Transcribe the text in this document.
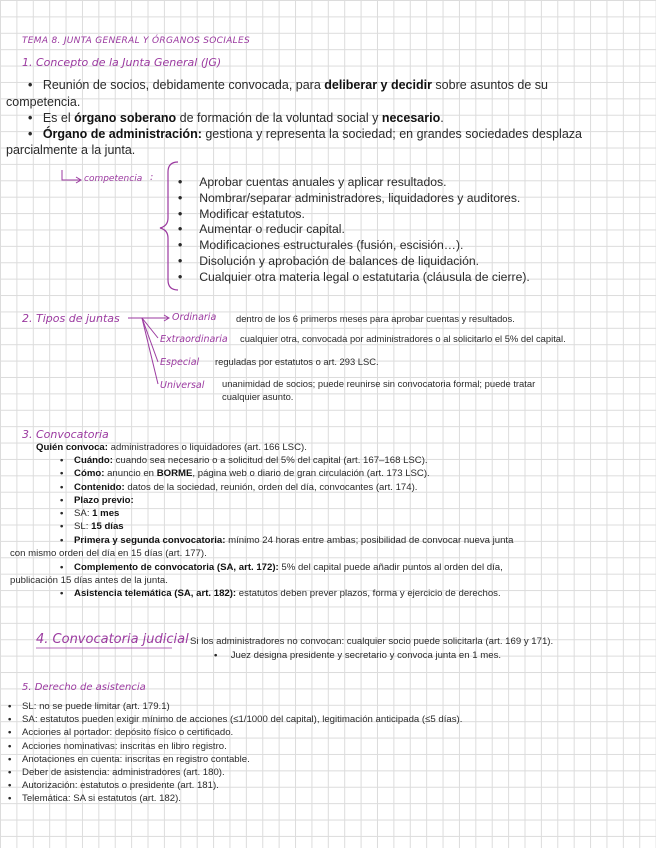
TEMA 8. JUNTA GENERAL Y ÓRGANOS SOCIALES
1. Concepto de la Junta General (JG)
• Reunión de socios, debidamente convocada, para deliberar y decidir sobre asuntos de su
competencia.
• Es el órgano soberano de formación de la voluntad social y necesario.
• Órgano de administración: gestiona y representa la sociedad; en grandes sociedades desplaza
parcialmente a la junta.
competencia : • Aprobar cuentas anuales y aplicar resultados.
• Nombrar/separar administradores, liquidadores y auditores.
• Modificar estatutos.
• Aumentar o reducir capital.
• Modificaciones estructurales (fusión, escisión…).
• Disolución y aprobación de balances de liquidación.
• Cualquier otra materia legal o estatutaria (cláusula de cierre).
2. Tipos de juntas	Ordinaria dentro de los 6 primeros meses para aprobar cuentas y resultados.
Extraordinaria cualquier otra, convocada por administradores o al solicitarlo el 5% del capital.
Especial reguladas por estatutos o art. 293 LSC.
Universal unanimidad de socios; puede reunirse sin convocatoria formal; puede tratar
cualquier asunto.
3. Convocatoria
Quién convoca: administradores o liquidadores (art. 166 LSC).
• Cuándo: cuando sea necesario o a solicitud del 5% del capital (art. 167–168 LSC).
• Cómo: anuncio en BORME, página web o diario de gran circulación (art. 173 LSC).
• Contenido: datos de la sociedad, reunión, orden del día, convocantes (art. 174).
• Plazo previo:
• SA: 1 mes
• SL: 15 días
• Primera y segunda convocatoria: mínimo 24 horas entre ambas; posibilidad de convocar nueva junta
con mismo orden del día en 15 días (art. 177).
• Complemento de convocatoria (SA, art. 172): 5% del capital puede añadir puntos al orden del día,
publicación 15 días antes de la junta.
• Asistencia telemática (SA, art. 182): estatutos deben prever plazos, forma y ejercicio de derechos.
4. Convocatoria judicial Si los administradores no convocan: cualquier socio puede solicitarla (art. 169 y 171).
• Juez designa presidente y secretario y convoca junta en 1 mes.
5. Derecho de asistencia
• SL: no se puede limitar (art. 179.1)
• SA: estatutos pueden exigir mínimo de acciones (≤1/1000 del capital), legitimación anticipada (≤5 días).
• Acciones al portador: depósito físico o certificado.
• Acciones nominativas: inscritas en libro registro.
• Anotaciones en cuenta: inscritas en registro contable.
• Deber de asistencia: administradores (art. 180).
• Autorización: estatutos o presidente (art. 181).
• Telemática: SA si estatutos (art. 182).
